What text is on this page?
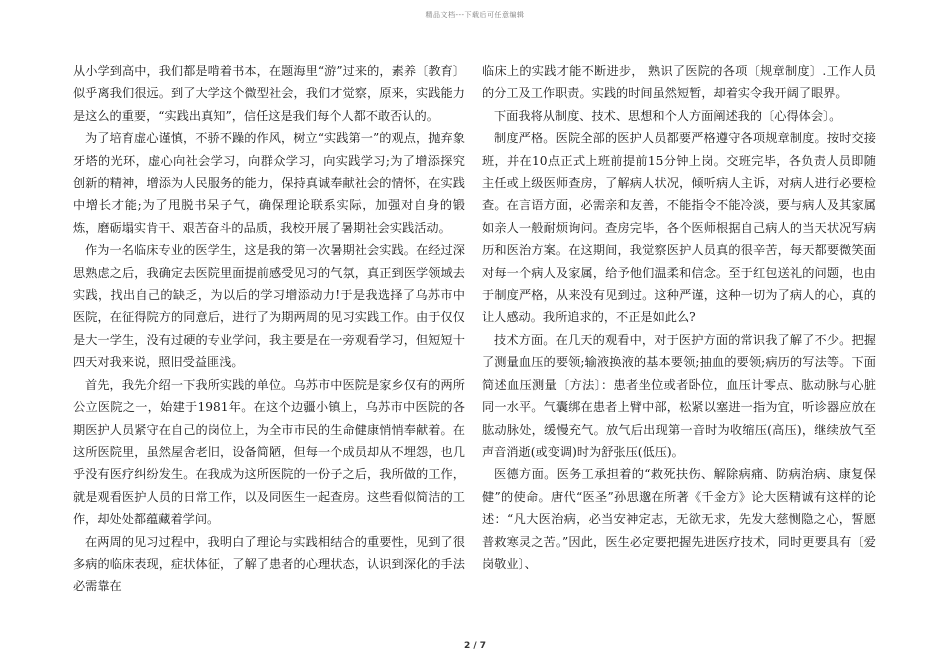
精品文档---下载后可任意编辑

从小学到高中，我们都是啃着书本，在题海里“游”过来的，素养〔教育〕似乎离我们很远。到了大学这个微型社会，我们才觉察，原来，实践能力是这么的重要，“实践出真知”，信任这是我们每个人都不敢否认的。

为了培育虚心谨慎，不骄不躁的作风，树立“实践第一”的观点，抛弃象牙塔的光环，虚心向社会学习，向群众学习，向实践学习;为了增添探究创新的精神，增添为人民服务的能力，保持真诚奉献社会的情怀，在实践中增长才能;为了甩脱书呆子气，确保理论联系实际，加强对自身的锻炼，磨砺塌实肯干、艰苦奋斗的品质，我校开展了暑期社会实践活动。

作为一名临床专业的医学生，这是我的第一次暑期社会实践。在经过深思熟虑之后，我确定去医院里面提前感受见习的气氛，真正到医学领域去实践，找出自己的缺乏，为以后的学习增添动力!于是我选择了乌苏市中医院，在征得院方的同意后，进行了为期两周的见习实践工作。由于仅仅是大一学生，没有过硬的专业学问，我主要是在一旁观看学习，但短短十四天对我来说，照旧受益匪浅。

首先，我先介绍一下我所实践的单位。乌苏市中医院是家乡仅有的两所公立医院之一，始建于1981年。在这个边疆小镇上，乌苏市中医院的各期医护人员紧守在自己的岗位上，为全市市民的生命健康悄悄奉献着。在这所医院里，虽然屋舍老旧，设备简陋，但每一个成员却从不埋怨，也几乎没有医疗纠纷发生。在我成为这所医院的一份子之后，我所做的工作，就是观看医护人员的日常工作，以及同医生一起查房。这些看似简洁的工作，却处处都蕴藏着学问。

在两周的见习过程中，我明白了理论与实践相结合的重要性，见到了很多病的临床表现，症状体征，了解了患者的心理状态，认识到深化的手法必需靠在

临床上的实践才能不断进步， 熟识了医院的各项〔规章制度〕.工作人员的分工及工作职责。实践的时间虽然短暂，却着实令我开阔了眼界。

下面我将从制度、技术、思想和个人方面阐述我的〔心得体会〕。

制度严格。医院全部的医护人员都要严格遵守各项规章制度。按时交接班，并在10点正式上班前提前15分钟上岗。交班完毕，各负责人员即随主任或上级医师查房，了解病人状况，倾听病人主诉，对病人进行必要检查。在言语方面，必需亲和友善，不能指令不能冷淡，要与病人及其家属如亲人一般耐烦询问。查房完毕，各个医师根据自己病人的当天状况写病历和医治方案。在这期间，我觉察医护人员真的很辛苦，每天都要微笑面对每一个病人及家属，给予他们温柔和信念。至于红包送礼的问题，也由于制度严格，从来没有见到过。这种严谨，这种一切为了病人的心，真的让人感动。我所追求的，不正是如此么?

技术方面。在几天的观看中，对于医护方面的常识我了解了不少。把握了测量血压的要领;输液换液的基本要领;抽血的要领;病历的写法等。下面简述血压测量〔方法〕：患者坐位或者卧位，血压计零点、肱动脉与心脏同一水平。气囊绑在患者上臂中部，松紧以塞进一指为宜，听诊器应放在肱动脉处，缓慢充气。放气后出现第一音时为收缩压(高压)，继续放气至声音消逝(或变调)时为舒张压(低压)。

医德方面。医务工承担着的“救死扶伤、解除病痛、防病治病、康复保健”的使命。唐代“医圣”孙思邈在所著《千金方》论大医精诚有这样的论述：“凡大医治病，必当安神定志，无欲无求，先发大慈恻隐之心，誓愿普救寒灵之苦。”因此，医生必定要把握先进医疗技术，同时更要具有〔爱岗敬业〕、

2 / 7
